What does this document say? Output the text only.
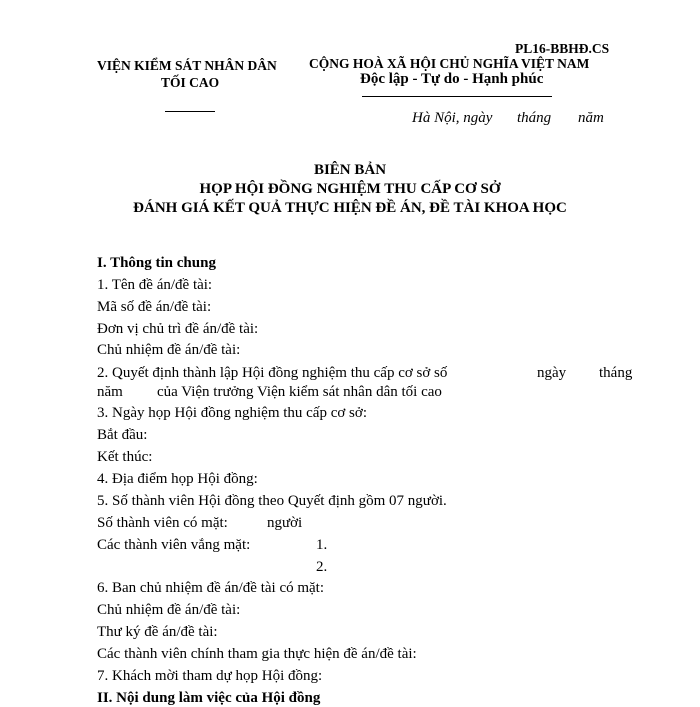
PL16-BBHĐ.CS
VIỆN KIỂM SÁT NHÂN DÂN
TỐI CAO
CỘNG HOÀ XÃ HỘI CHỦ NGHĨA VIỆT NAM
Độc lập - Tự do - Hạnh phúc
Hà Nội, ngày tháng năm
BIÊN BẢN
HỌP HỘI ĐỒNG NGHIỆM THU CẤP CƠ SỞ
ĐÁNH GIÁ KẾT QUẢ THỰC HIỆN ĐỀ ÁN, ĐỀ TÀI KHOA HỌC
I. Thông tin chung
1. Tên đề án/đề tài:
Mã số đề án/đề tài:
Đơn vị chủ trì đề án/đề tài:
Chủ nhiệm đề án/đề tài:
2. Quyết định thành lập Hội đồng nghiệm thu cấp cơ sở số	ngày tháng
năm của Viện trưởng Viện kiểm sát nhân dân tối cao
3. Ngày họp Hội đồng nghiệm thu cấp cơ sở:
Bắt đầu:
Kết thúc:
4. Địa điểm họp Hội đồng:
5. Số thành viên Hội đồng theo Quyết định gồm 07 người.
Số thành viên có mặt:	người
Các thành viên vắng mặt:	1.
2.
6. Ban chủ nhiệm đề án/đề tài có mặt:
Chủ nhiệm đề án/đề tài:
Thư ký đề án/đề tài:
Các thành viên chính tham gia thực hiện đề án/đề tài:
7. Khách mời tham dự họp Hội đồng:
II. Nội dung làm việc của Hội đồng
